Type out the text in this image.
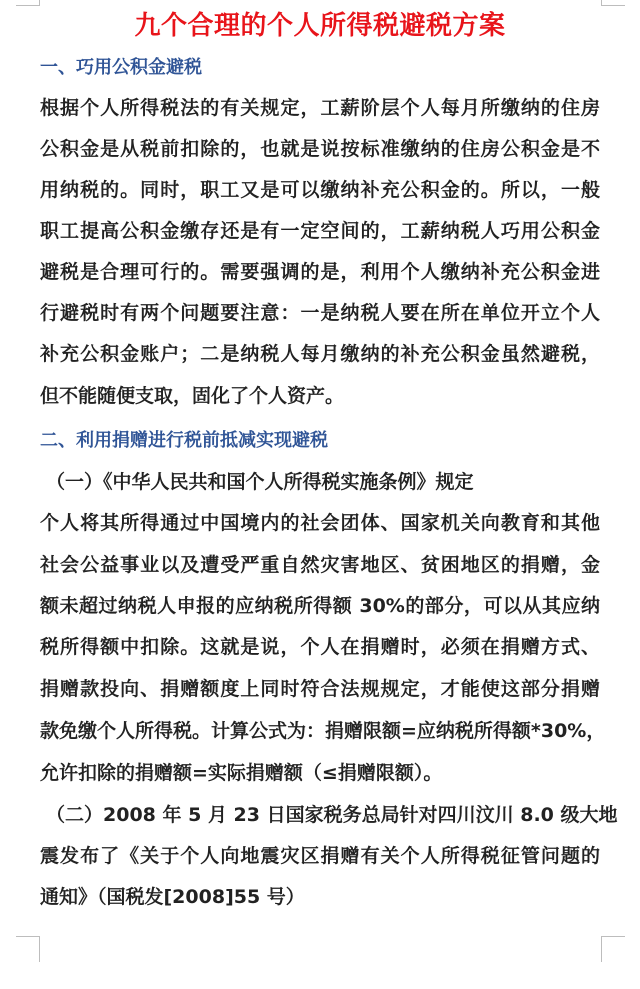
九个合理的个人所得税避税方案
一、巧用公积金避税
根据个人所得税法的有关规定，工薪阶层个人每月所缴纳的住房
公积金是从税前扣除的，也就是说按标准缴纳的住房公积金是不
用纳税的。同时，职工又是可以缴纳补充公积金的。所以，一般
职工提高公积金缴存还是有一定空间的，工薪纳税人巧用公积金
避税是合理可行的。需要强调的是，利用个人缴纳补充公积金进
行避税时有两个问题要注意：一是纳税人要在所在单位开立个人
补充公积金账户；二是纳税人每月缴纳的补充公积金虽然避税，
但不能随便支取，固化了个人资产。
二、利用捐赠进行税前抵减实现避税
（一）《中华人民共和国个人所得税实施条例》规定
个人将其所得通过中国境内的社会团体、国家机关向教育和其他
社会公益事业以及遭受严重自然灾害地区、贫困地区的捐赠，金
额未超过纳税人申报的应纳税所得额 30%的部分，可以从其应纳
税所得额中扣除。这就是说，个人在捐赠时，必须在捐赠方式、
捐赠款投向、捐赠额度上同时符合法规规定，才能使这部分捐赠
款免缴个人所得税。计算公式为：捐赠限额=应纳税所得额*30%，
允许扣除的捐赠额=实际捐赠额（≤捐赠限额）。
（二）2008 年 5 月 23 日国家税务总局针对四川汶川 8.0 级大地
震发布了《关于个人向地震灾区捐赠有关个人所得税征管问题的
通知》（国税发[2008]55 号）
